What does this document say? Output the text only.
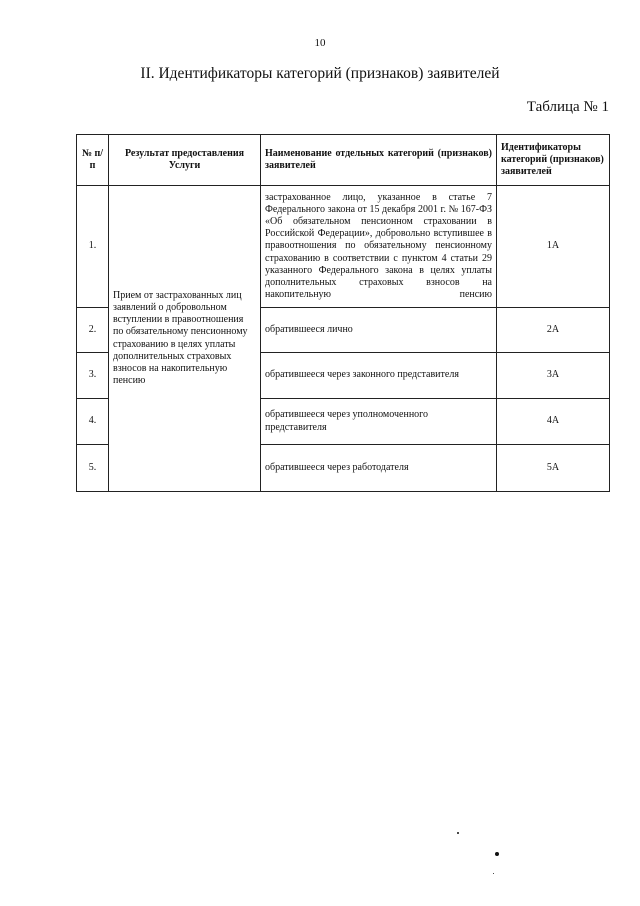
10
II. Идентификаторы категорий (признаков) заявителей
Таблица № 1
№ п/п	Результат предоставления Услуги	Наименование отдельных категорий (признаков) заявителей	Идентификаторы категорий (признаков) заявителей
1.	Прием от застрахованных лиц заявлений о добровольном вступлении в правоотношения по обязательному пенсионному страхованию в целях уплаты дополнительных страховых взносов на накопительную пенсию	застрахованное лицо, указанное в статье 7 Федерального закона от 15 декабря 2001 г. № 167-ФЗ «Об обязательном пенсионном страховании в Российской Федерации», добровольно вступившее в правоотношения по обязательному пенсионному страхованию в соответствии с пунктом 4 статьи 29 указанного Федерального закона в целях уплаты дополнительных страховых взносов на накопительную пенсию	1А
2.		обратившееся лично	2А
3.		обратившееся через законного представителя	3А
4.		обратившееся через уполномоченного представителя	4А
5.		обратившееся через работодателя	5А
